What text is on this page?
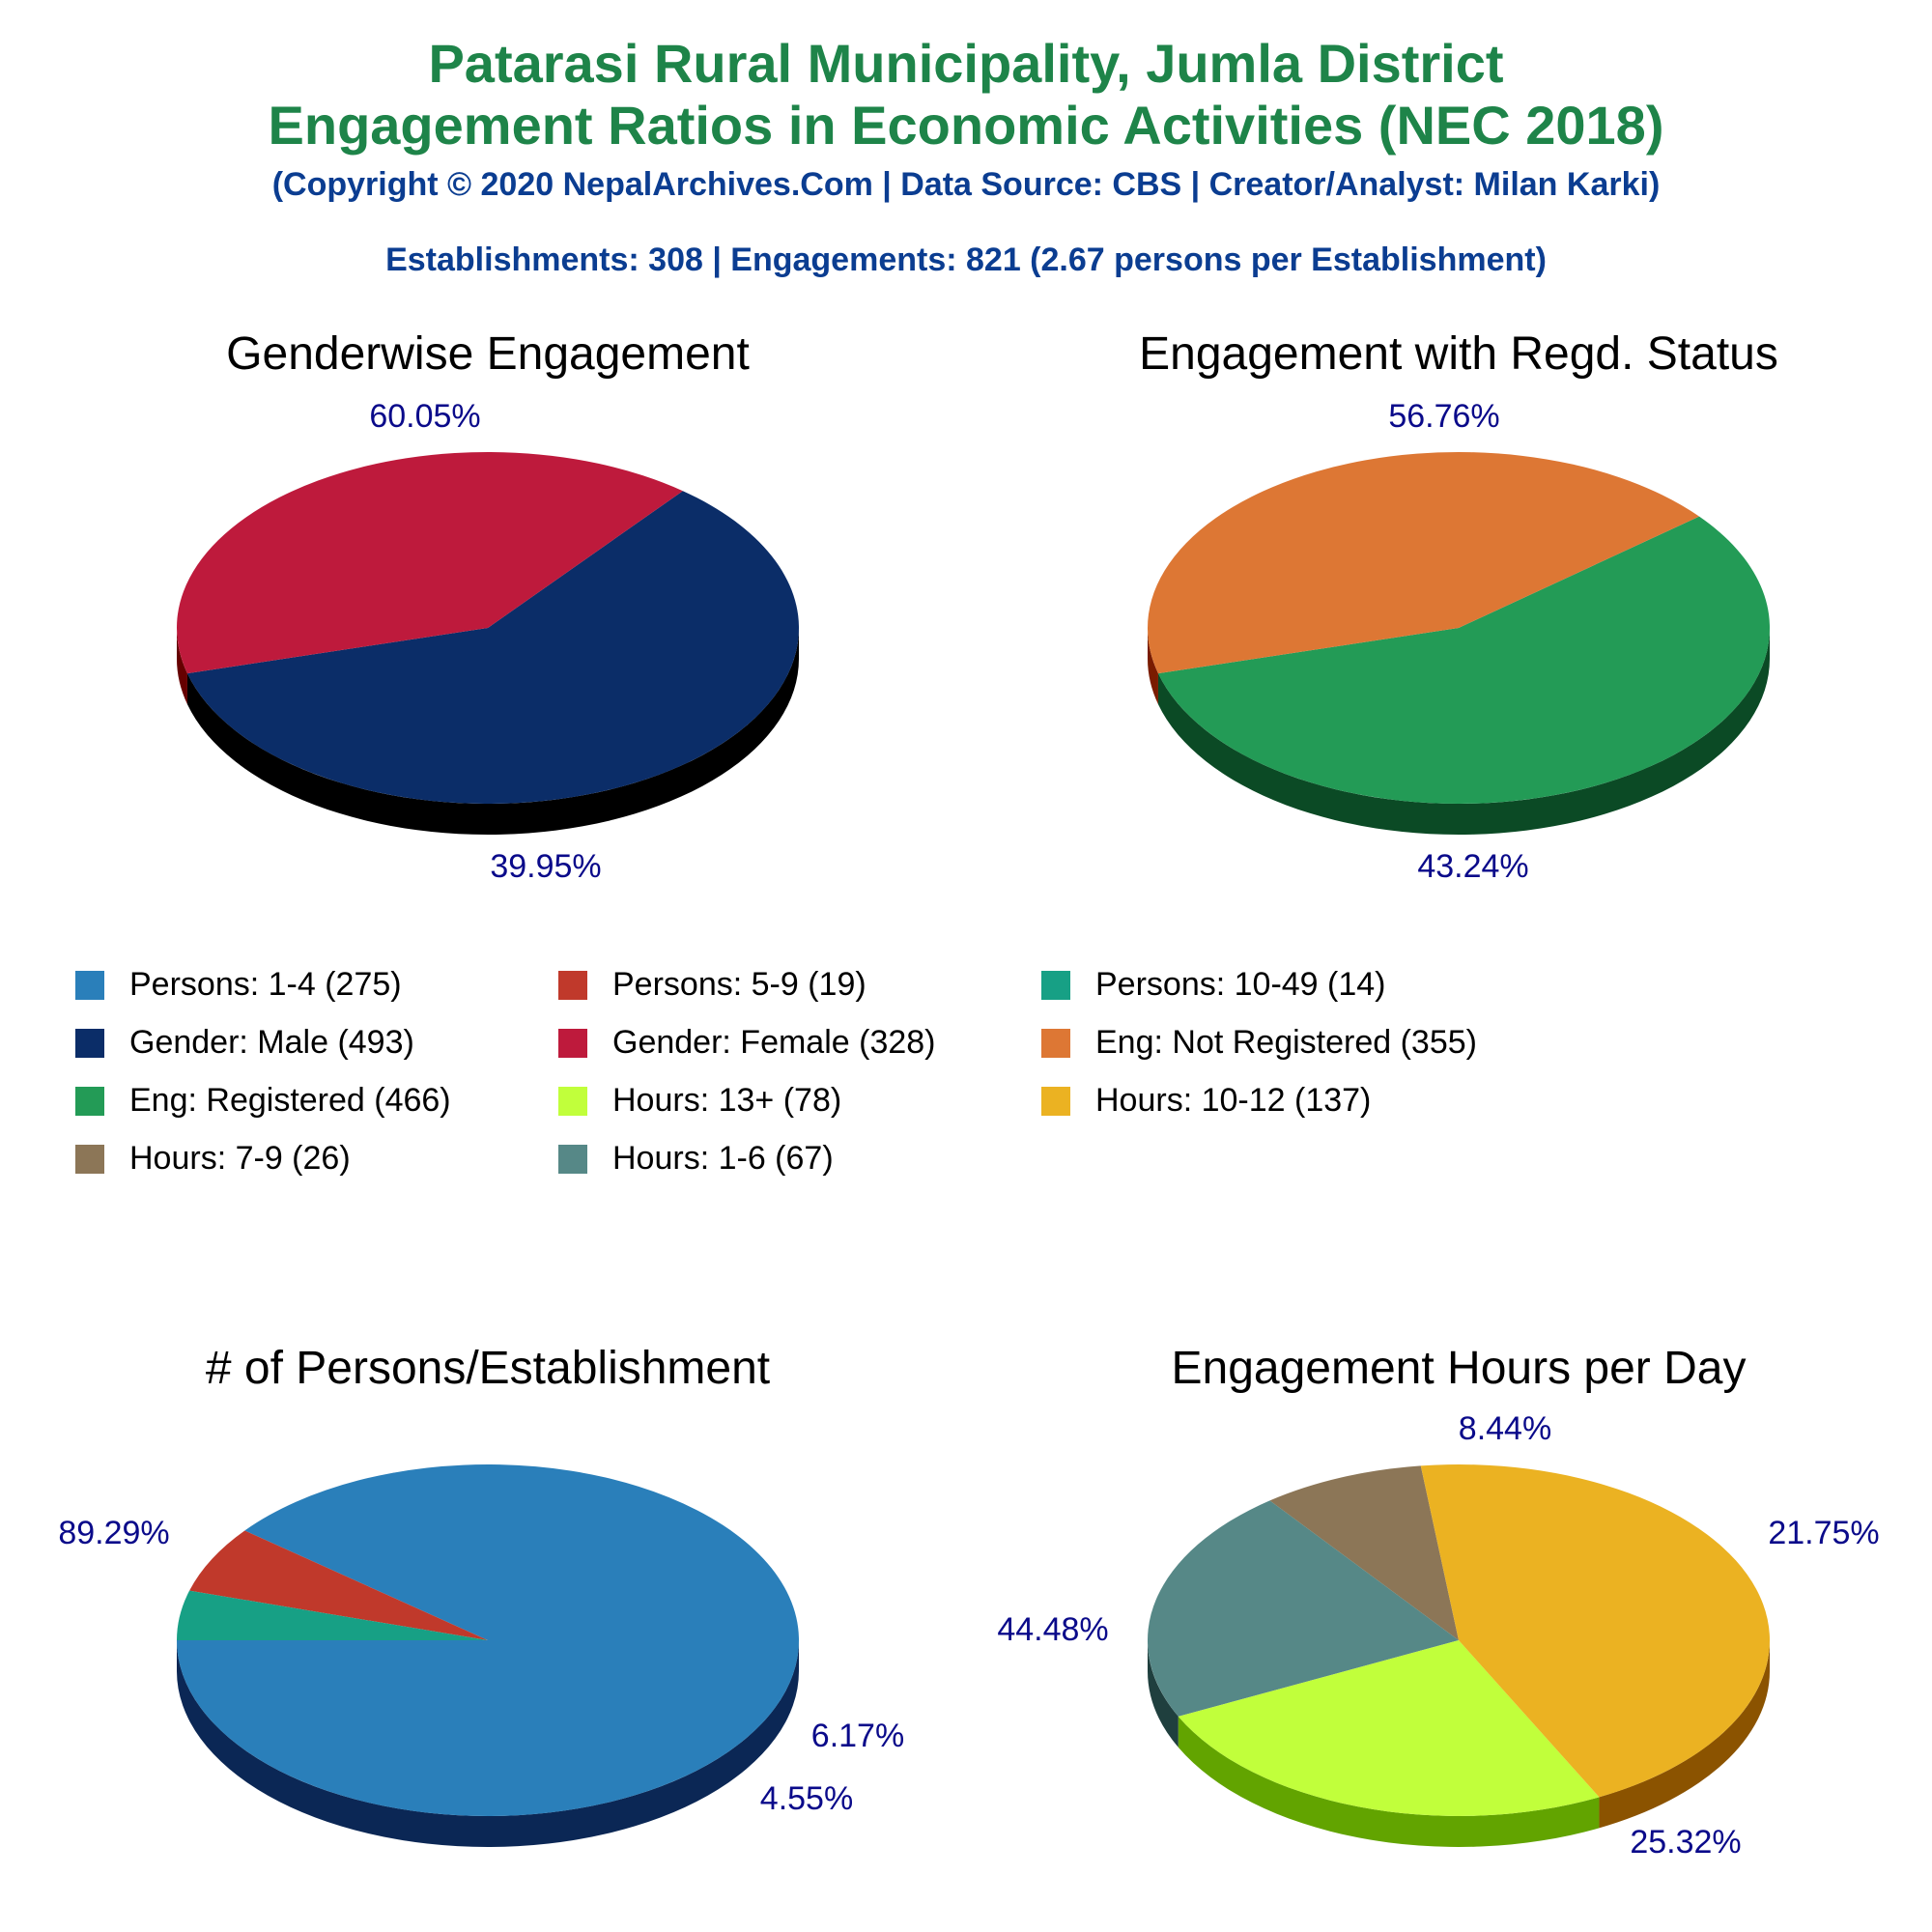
Patarasi Rural Municipality, Jumla District
Engagement Ratios in Economic Activities (NEC 2018)
(Copyright © 2020 NepalArchives.Com | Data Source: CBS | Creator/Analyst: Milan Karki)
Establishments: 308 | Engagements: 821 (2.67 persons per Establishment)
Genderwise Engagement
60.05%
39.95%
Engagement with Regd. Status
56.76%
43.24%
# of Persons/Establishment
89.29%
6.17%
4.55%
Engagement Hours per Day
8.44%
21.75%
25.32%
44.48%
Persons: 1-4 (275)	Persons: 5-9 (19)	Persons: 10-49 (14)
Gender: Male (493)	Gender: Female (328)	Eng: Not Registered (355)
Eng: Registered (466)	Hours: 13+ (78)	Hours: 10-12 (137)
Hours: 7-9 (26)	Hours: 1-6 (67)
